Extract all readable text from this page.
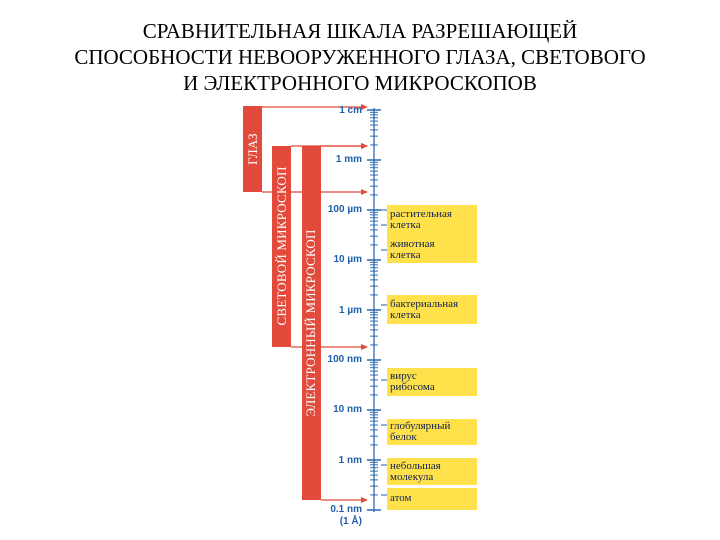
СРАВНИТЕЛЬНАЯ ШКАЛА РАЗРЕШАЮЩЕЙ
СПОСОБНОСТИ НЕВООРУЖЕННОГО ГЛАЗА, СВЕТОВОГО
И ЭЛЕКТРОННОГО МИКРОСКОПОВ
ГЛАЗ
СВЕТОВОЙ МИКРОСКОП ЭЛЕКТРОННЫЙ МИКРОСКОП
1 cm
1 mm
100 µm
10 µm
1 µm
100 nm
10 nm
1 nm
0.1 nm
(1 Å)
растительная
клетка
животная
клетка
бактериальная
клетка
вирус
рибосома
глобулярный
белок
небольшая
молекула
атом
